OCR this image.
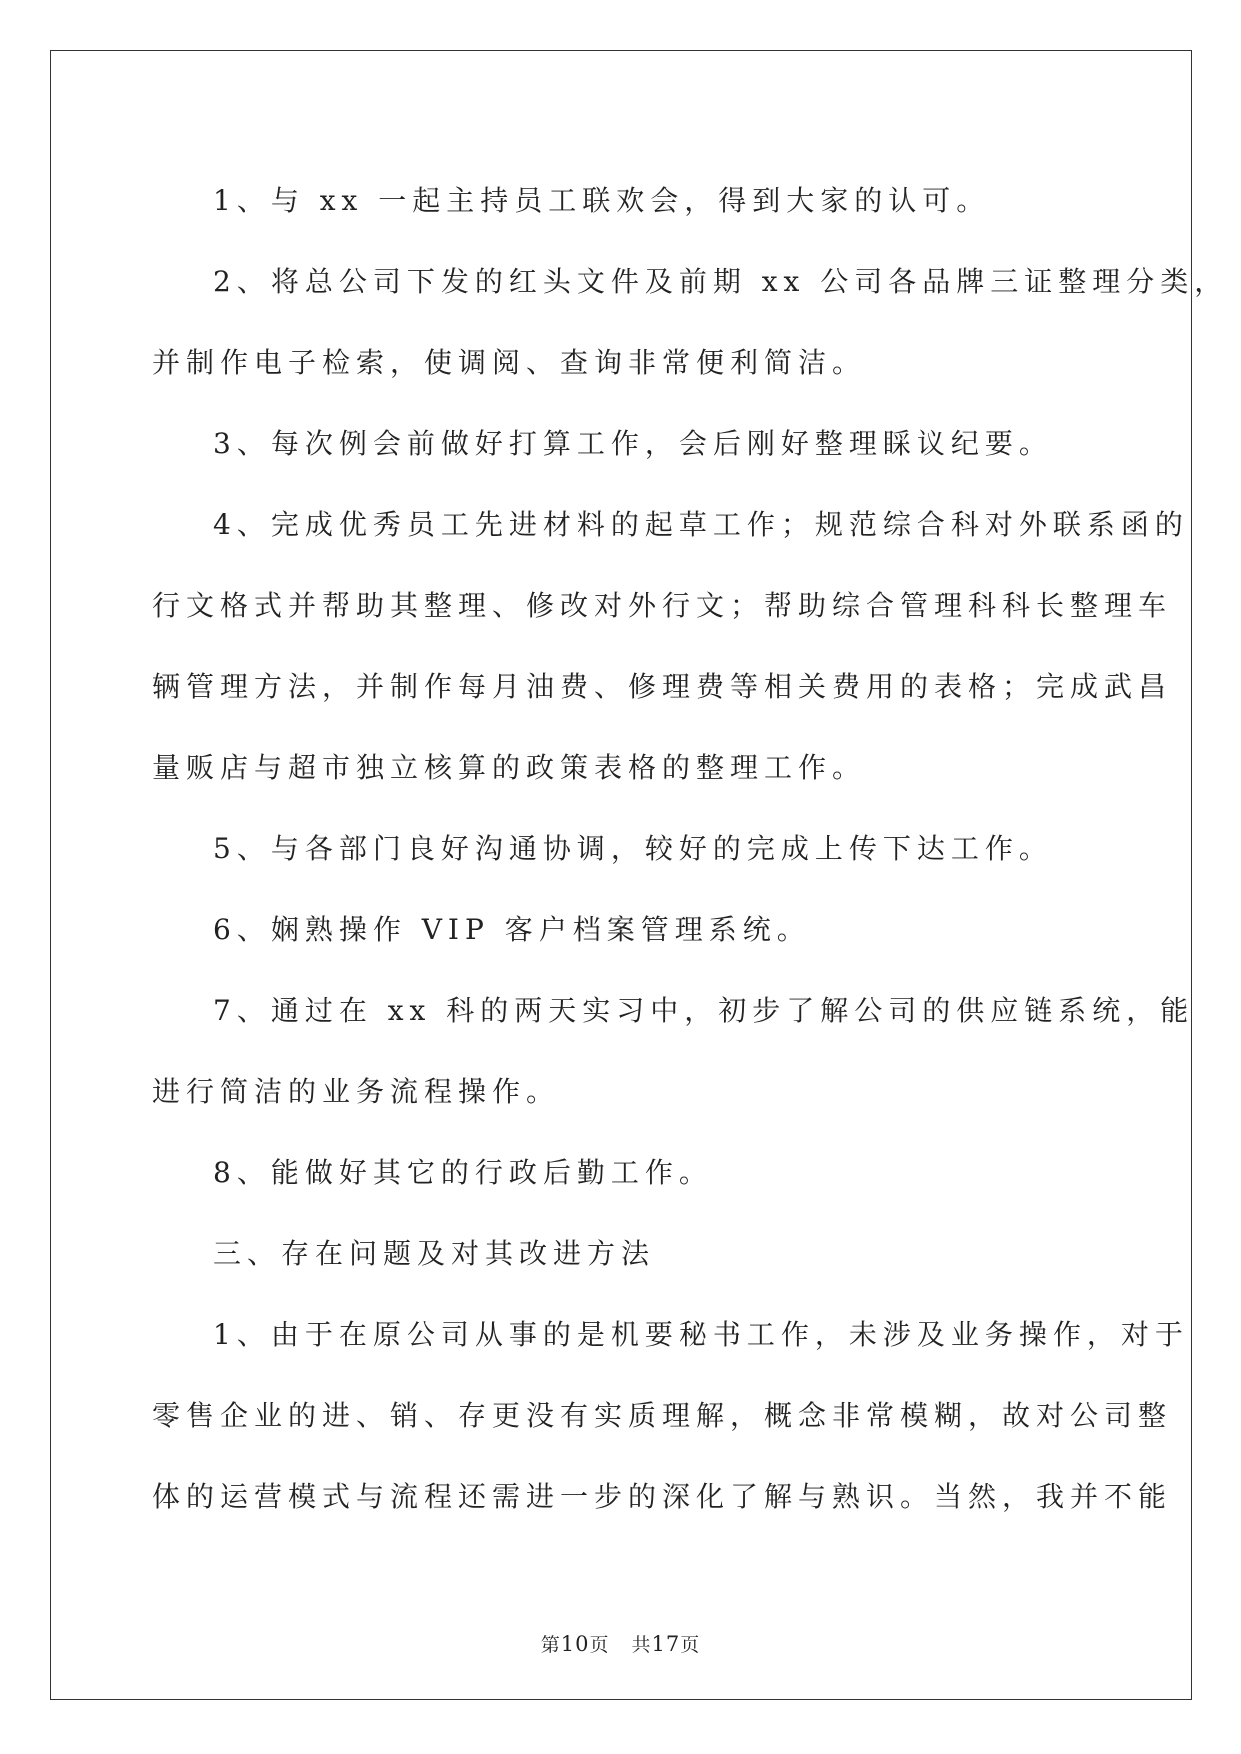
1、与 xx 一起主持员工联欢会，得到大家的认可。

2、将总公司下发的红头文件及前期 xx 公司各品牌三证整理分类，

并制作电子检索，使调阅、查询非常便利简洁。

3、每次例会前做好打算工作，会后刚好整理睬议纪要。

4、完成优秀员工先进材料的起草工作；规范综合科对外联系函的

行文格式并帮助其整理、修改对外行文；帮助综合管理科科长整理车

辆管理方法，并制作每月油费、修理费等相关费用的表格；完成武昌

量贩店与超市独立核算的政策表格的整理工作。

5、与各部门良好沟通协调，较好的完成上传下达工作。

6、娴熟操作 VIP 客户档案管理系统。

7、通过在 xx 科的两天实习中，初步了解公司的供应链系统，能

进行简洁的业务流程操作。

8、能做好其它的行政后勤工作。

三、存在问题及对其改进方法

1、由于在原公司从事的是机要秘书工作，未涉及业务操作，对于

零售企业的进、销、存更没有实质理解，概念非常模糊，故对公司整

体的运营模式与流程还需进一步的深化了解与熟识。当然，我并不能

第10页 共17页
